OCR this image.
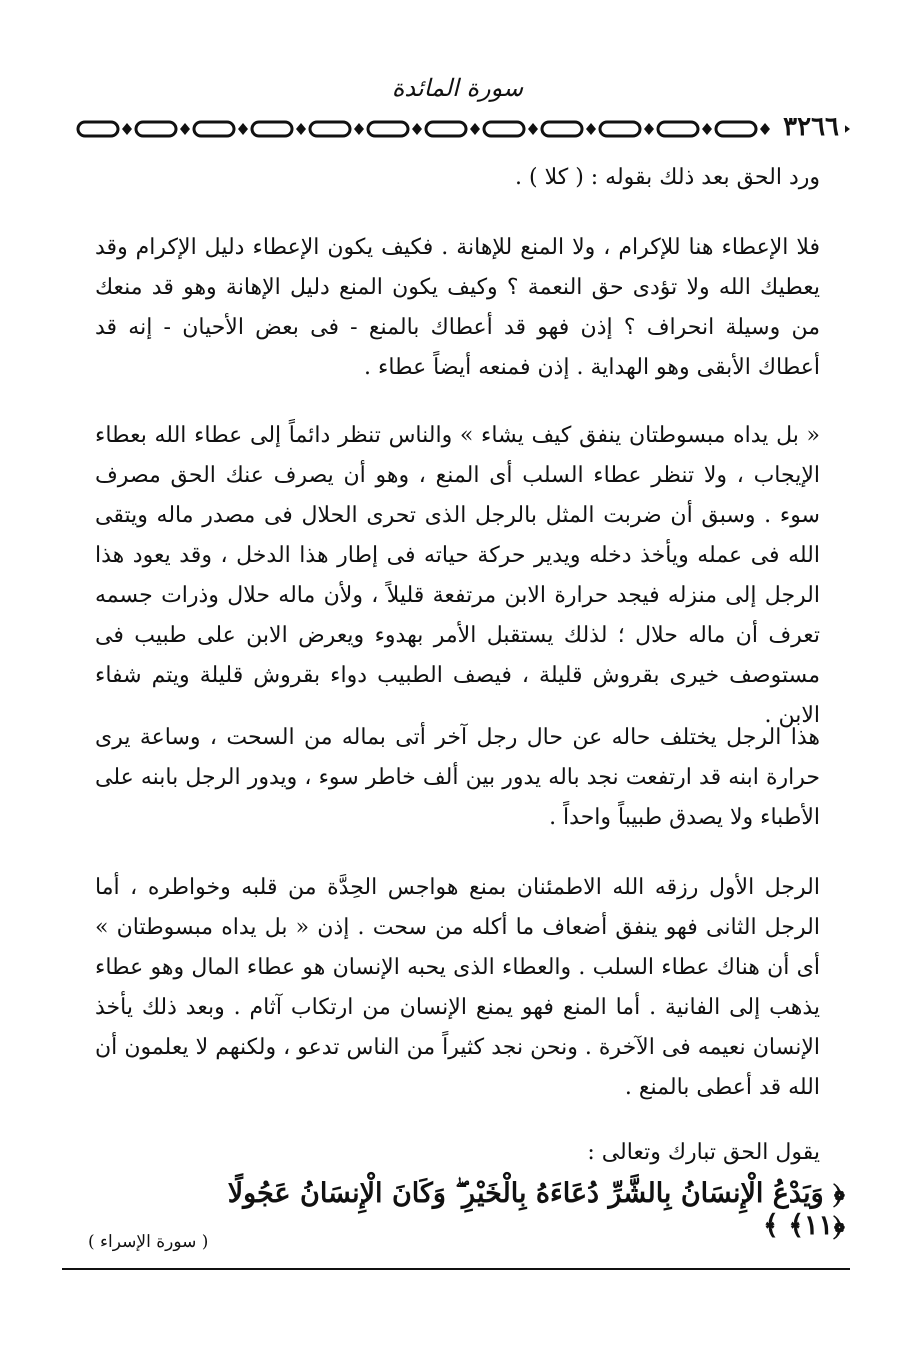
سورة المائدة
٣٢٦٦

ورد الحق بعد ذلك بقوله : ( كلا ) .

فلا الإعطاء هنا للإكرام ، ولا المنع للإهانة . فكيف يكون الإعطاء دليل الإكرام وقد يعطيك الله ولا تؤدى حق النعمة ؟ وكيف يكون المنع دليل الإهانة وهو قد منعك من وسيلة انحراف ؟ إذن فهو قد أعطاك بالمنع - فى بعض الأحيان - إنه قد أعطاك الأبقى وهو الهداية . إذن فمنعه أيضاً عطاء .

« بل يداه مبسوطتان ينفق كيف يشاء » والناس تنظر دائماً إلى عطاء الله بعطاء الإيجاب ، ولا تنظر عطاء السلب أى المنع ، وهو أن يصرف عنك الحق مصرف سوء . وسبق أن ضربت المثل بالرجل الذى تحرى الحلال فى مصدر ماله ويتقى الله فى عمله ويأخذ دخله ويدير حركة حياته فى إطار هذا الدخل ، وقد يعود هذا الرجل إلى منزله فيجد حرارة الابن مرتفعة قليلاً ، ولأن ماله حلال وذرات جسمه تعرف أن ماله حلال ؛ لذلك يستقبل الأمر بهدوء ويعرض الابن على طبيب فى مستوصف خيرى بقروش قليلة ، فيصف الطبيب دواء بقروش قليلة ويتم شفاء الابن .

هذا الرجل يختلف حاله عن حال رجل آخر أتى بماله من السحت ، وساعة يرى حرارة ابنه قد ارتفعت نجد باله يدور بين ألف خاطر سوء ، ويدور الرجل بابنه على الأطباء ولا يصدق طبيباً واحداً .

الرجل الأول رزقه الله الاطمئنان بمنع هواجس الحِدَّة من قلبه وخواطره ، أما الرجل الثانى فهو ينفق أضعاف ما أكله من سحت . إذن « بل يداه مبسوطتان » أى أن هناك عطاء السلب . والعطاء الذى يحبه الإنسان هو عطاء المال وهو عطاء يذهب إلى الفانية . أما المنع فهو يمنع الإنسان من ارتكاب آثام . وبعد ذلك يأخذ الإنسان نعيمه فى الآخرة . ونحن نجد كثيراً من الناس تدعو ، ولكنهم لا يعلمون أن الله قد أعطى بالمنع .

يقول الحق تبارك وتعالى :
﴿ وَيَدْعُ الْإِنسَانُ بِالشَّرِّ دُعَاءَهُ بِالْخَيْرِ ۖ وَكَانَ الْإِنسَانُ عَجُولًا ﴿١١﴾ ﴾
( سورة الإسراء )
